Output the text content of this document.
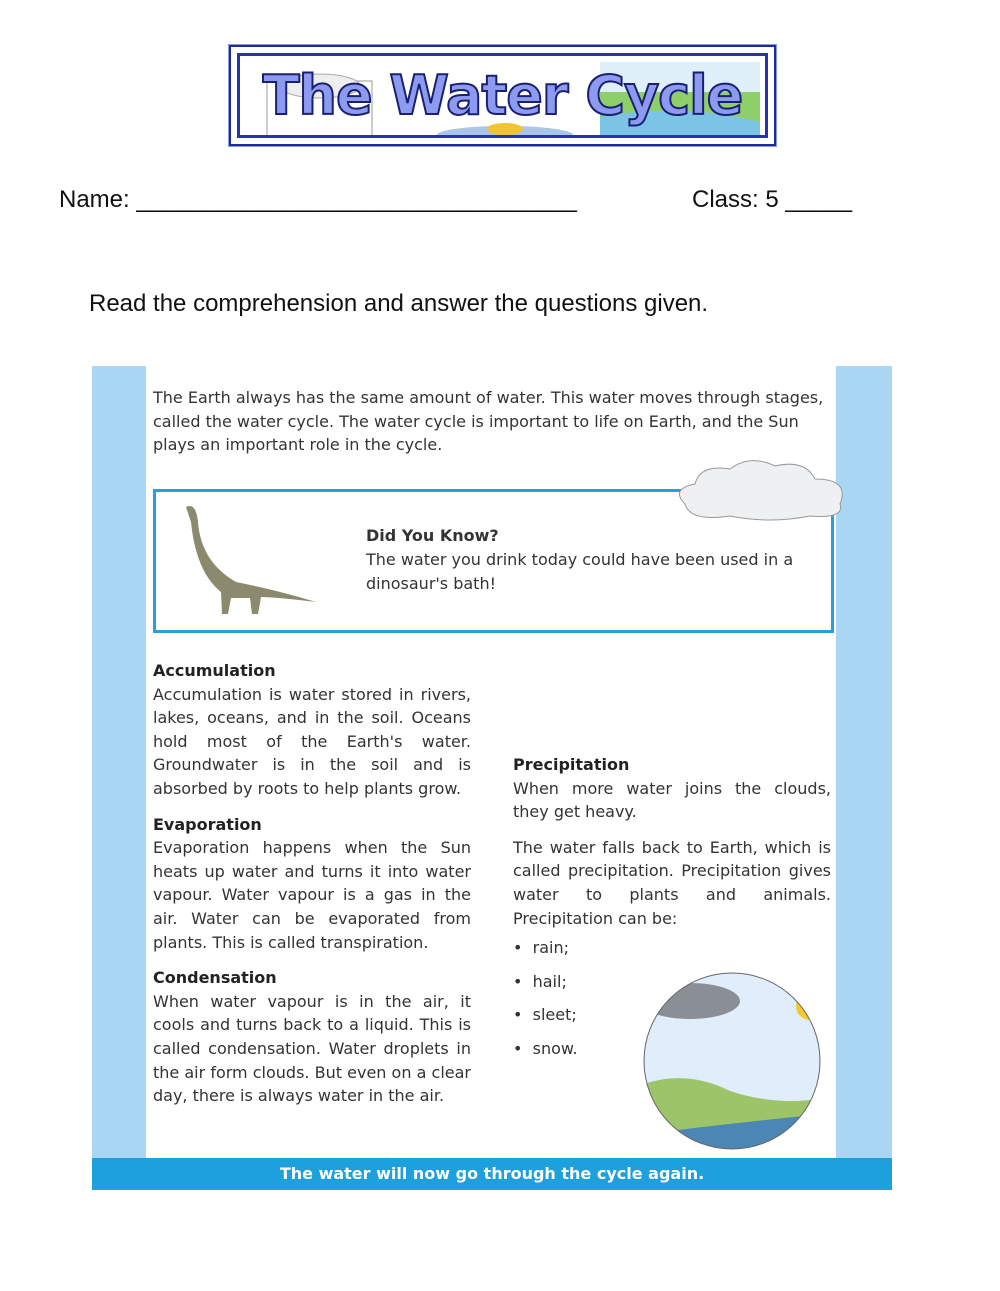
The Water Cycle
Name: _________________________________	Class: 5 _____
Read the comprehension and answer the questions given.
The Earth always has the same amount of water. This water moves through stages, called the water cycle. The water cycle is important to life on Earth, and the Sun plays an important role in the cycle.
Did You Know?
The water you drink today could have been used in a dinosaur's bath!
Accumulation
Accumulation is water stored in rivers, lakes, oceans, and in the soil. Oceans hold most of the Earth's water. Groundwater is in the soil and is absorbed by roots to help plants grow.
Evaporation
Evaporation happens when the Sun heats up water and turns it into water vapour. Water vapour is a gas in the air. Water can be evaporated from plants. This is called transpiration.
Condensation
When water vapour is in the air, it cools and turns back to a liquid. This is called condensation. Water droplets in the air form clouds. But even on a clear day, there is always water in the air.
Precipitation
When more water joins the clouds, they get heavy.
The water falls back to Earth, which is called precipitation. Precipitation gives water to plants and animals. Precipitation can be:
•  rain;
•  hail;
•  sleet;
•  snow.
The water will now go through the cycle again.
